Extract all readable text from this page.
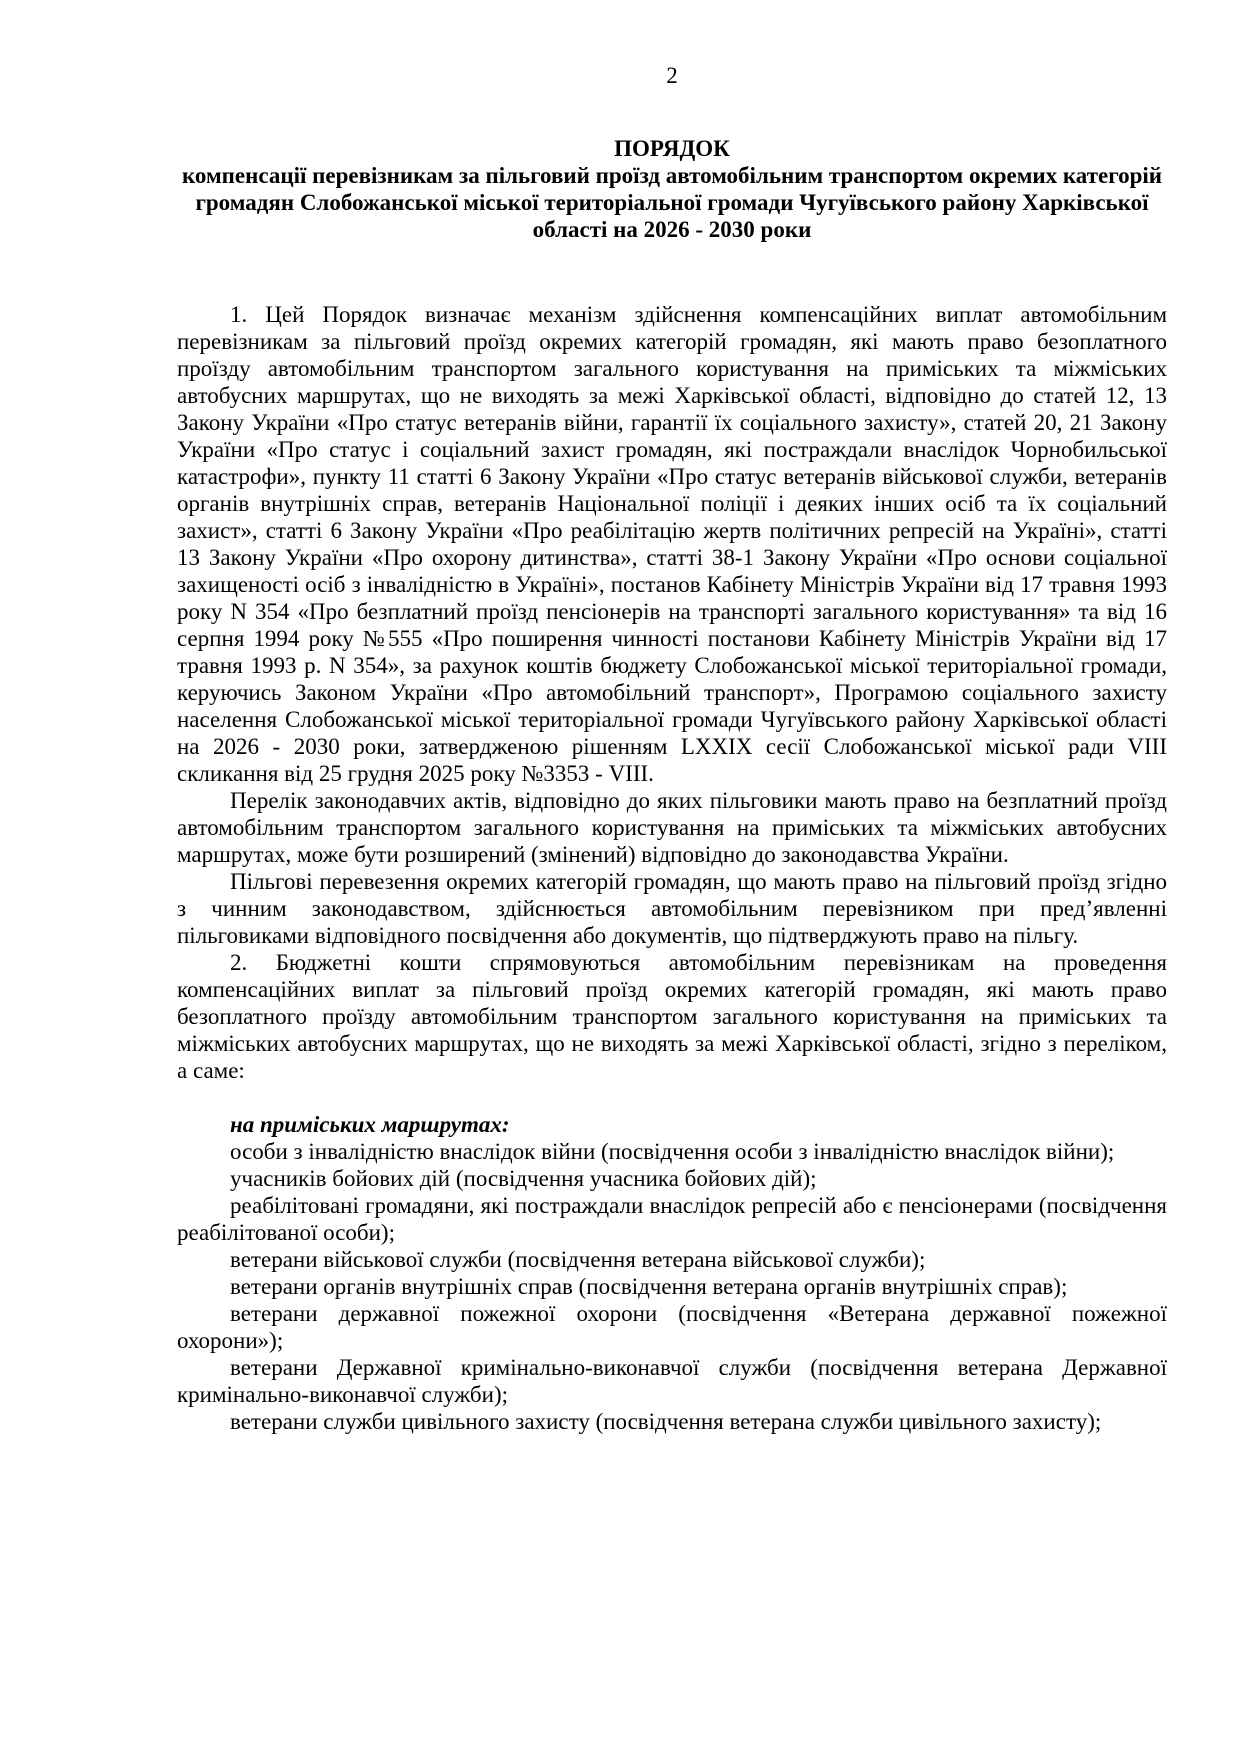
2
ПОРЯДОК
компенсації перевізникам за пільговий проїзд автомобільним транспортом окремих категорій громадян Слобожанської міської територіальної громади Чугуївського району Харківської області на 2026 - 2030 роки

1. Цей Порядок визначає механізм здійснення компенсаційних виплат автомобільним перевізникам за пільговий проїзд окремих категорій громадян, які мають право безоплатного проїзду автомобільним транспортом загального користування на приміських та міжміських автобусних маршрутах, що не виходять за межі Харківської області, відповідно до статей 12, 13 Закону України «Про статус ветеранів війни, гарантії їх соціального захисту», статей 20, 21 Закону України «Про статус і соціальний захист громадян, які постраждали внаслідок Чорнобильської катастрофи», пункту 11 статті 6 Закону України «Про статус ветеранів військової служби, ветеранів органів внутрішніх справ, ветеранів Національної поліції і деяких інших осіб та їх соціальний захист», статті 6 Закону України «Про реабілітацію жертв політичних репресій на Україні», статті 13 Закону України «Про охорону дитинства», статті 38-1 Закону України «Про основи соціальної захищеності осіб з інвалідністю в Україні», постанов Кабінету Міністрів України від 17 травня 1993 року N 354 «Про безплатний проїзд пенсіонерів на транспорті загального користування» та від 16 серпня 1994 року №555 «Про поширення чинності постанови Кабінету Міністрів України від 17 травня 1993 р. N 354», за рахунок коштів бюджету Слобожанської міської територіальної громади, керуючись Законом України «Про автомобільний транспорт», Програмою соціального захисту населення Слобожанської міської територіальної громади Чугуївського району Харківської області на 2026 - 2030 роки, затвердженою рішенням LXXIX сесії Слобожанської міської ради VIII скликання від 25 грудня 2025 року №3353 - VIII.

Перелік законодавчих актів, відповідно до яких пільговики мають право на безплатний проїзд автомобільним транспортом загального користування на приміських та міжміських автобусних маршрутах, може бути розширений (змінений) відповідно до законодавства України.

Пільгові перевезення окремих категорій громадян, що мають право на пільговий проїзд згідно з чинним законодавством, здійснюється автомобільним перевізником при пред’явленні пільговиками відповідного посвідчення або документів, що підтверджують право на пільгу.

2. Бюджетні кошти спрямовуються автомобільним перевізникам на проведення компенсаційних виплат за пільговий проїзд окремих категорій громадян, які мають право безоплатного проїзду автомобільним транспортом загального користування на приміських та міжміських автобусних маршрутах, що не виходять за межі Харківської області, згідно з переліком, а саме:

на приміських маршрутах:

особи з інвалідністю внаслідок війни (посвідчення особи з інвалідністю внаслідок війни);

учасників бойових дій (посвідчення учасника бойових дій);

реабілітовані громадяни, які постраждали внаслідок репресій або є пенсіонерами (посвідчення реабілітованої особи);

ветерани військової служби (посвідчення ветерана військової служби);

ветерани органів внутрішніх справ (посвідчення ветерана органів внутрішніх справ);

ветерани державної пожежної охорони (посвідчення «Ветерана державної пожежної охорони»);

ветерани Державної кримінально-виконавчої служби (посвідчення ветерана Державної кримінально-виконавчої служби);

ветерани служби цивільного захисту (посвідчення ветерана служби цивільного захисту);
